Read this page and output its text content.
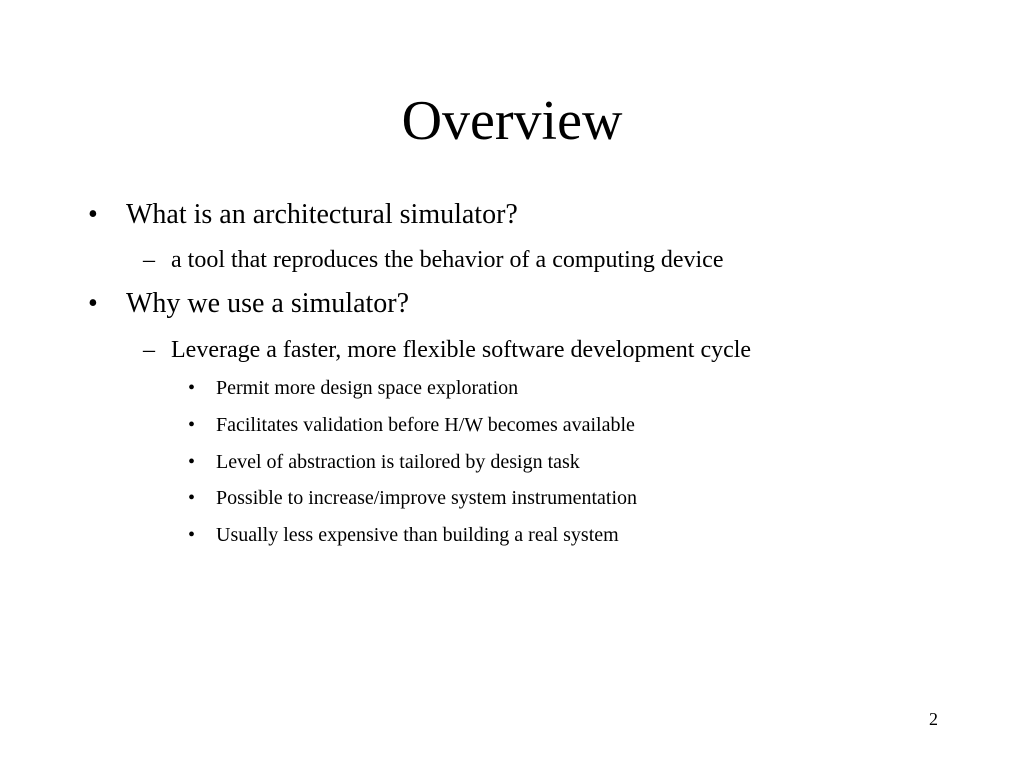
Overview
• What is an architectural simulator?
– a tool that reproduces the behavior of a computing device
• Why we use a simulator?
– Leverage a faster, more flexible software development cycle
• Permit more design space exploration
• Facilitates validation before H/W becomes available
• Level of abstraction is tailored by design task
• Possible to increase/improve system instrumentation
• Usually less expensive than building a real system
2
